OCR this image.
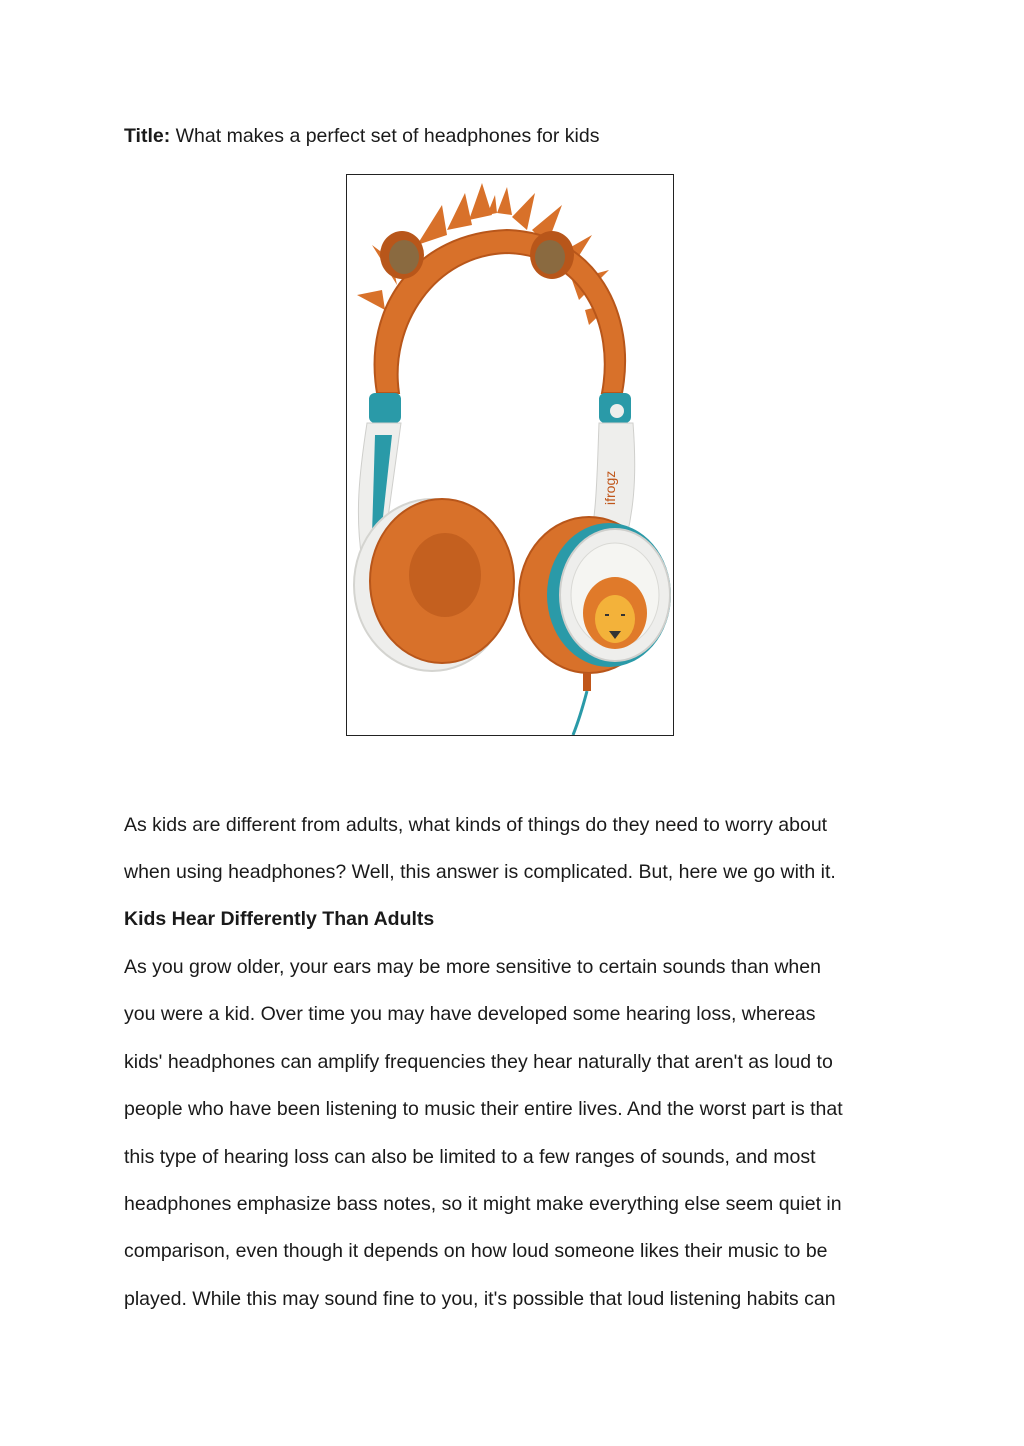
Title: What makes a perfect set of headphones for kids
ifrogz
As kids are different from adults, what kinds of things do they need to worry about
when using headphones? Well, this answer is complicated. But, here we go with it.
Kids Hear Differently Than Adults
As you grow older, your ears may be more sensitive to certain sounds than when
you were a kid. Over time you may have developed some hearing loss, whereas
kids' headphones can amplify frequencies they hear naturally that aren't as loud to
people who have been listening to music their entire lives. And the worst part is that
this type of hearing loss can also be limited to a few ranges of sounds, and most
headphones emphasize bass notes, so it might make everything else seem quiet in
comparison, even though it depends on how loud someone likes their music to be
played. While this may sound fine to you, it's possible that loud listening habits can
